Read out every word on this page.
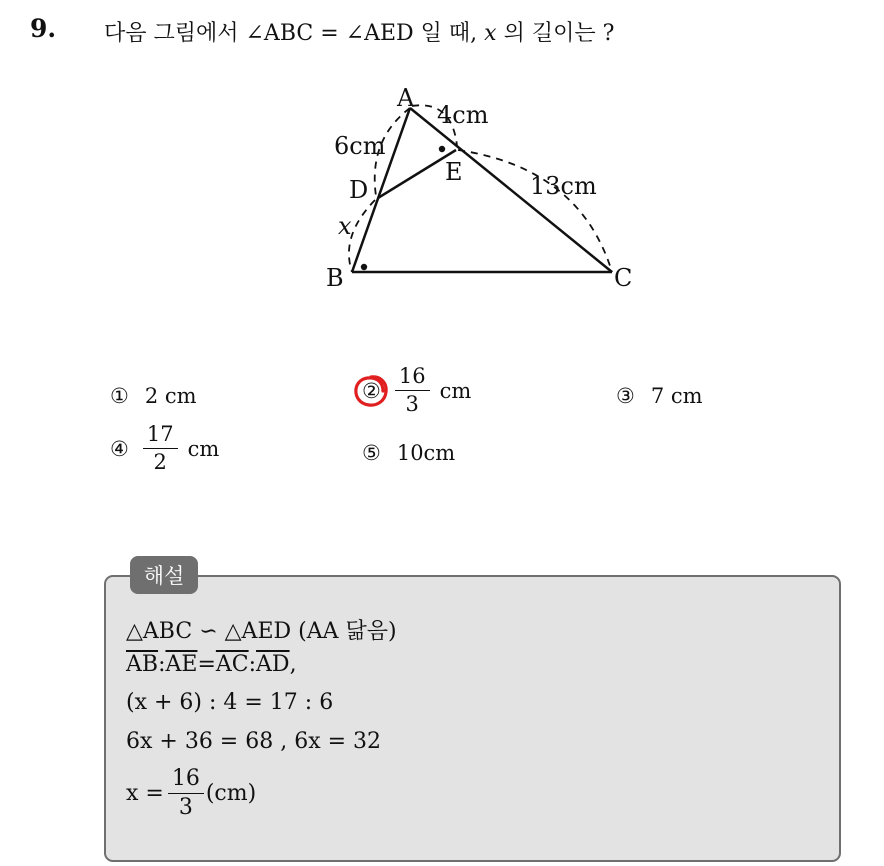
9. 다음 그림에서 ∠ABC = ∠AED 일 때, x 의 길이는 ?
A
B	C
D
E
6cm
4cm
13cm
x
① 2 cm	② $\frac{16}{3}$ cm	③ 7 cm
④ $\frac{17}{2}$ cm	⑤ 10cm
해설
△ABC ∽ △AED (AA 닮음)
$\overline{AB}$ : $\overline{AE} = \overline{AC}$ : $\overline{AD}$ ,
(x + 6) : 4 = 17 : 6
6x + 36 = 68 , 6x = 32
$x = \frac{16}{3} (cm)$
